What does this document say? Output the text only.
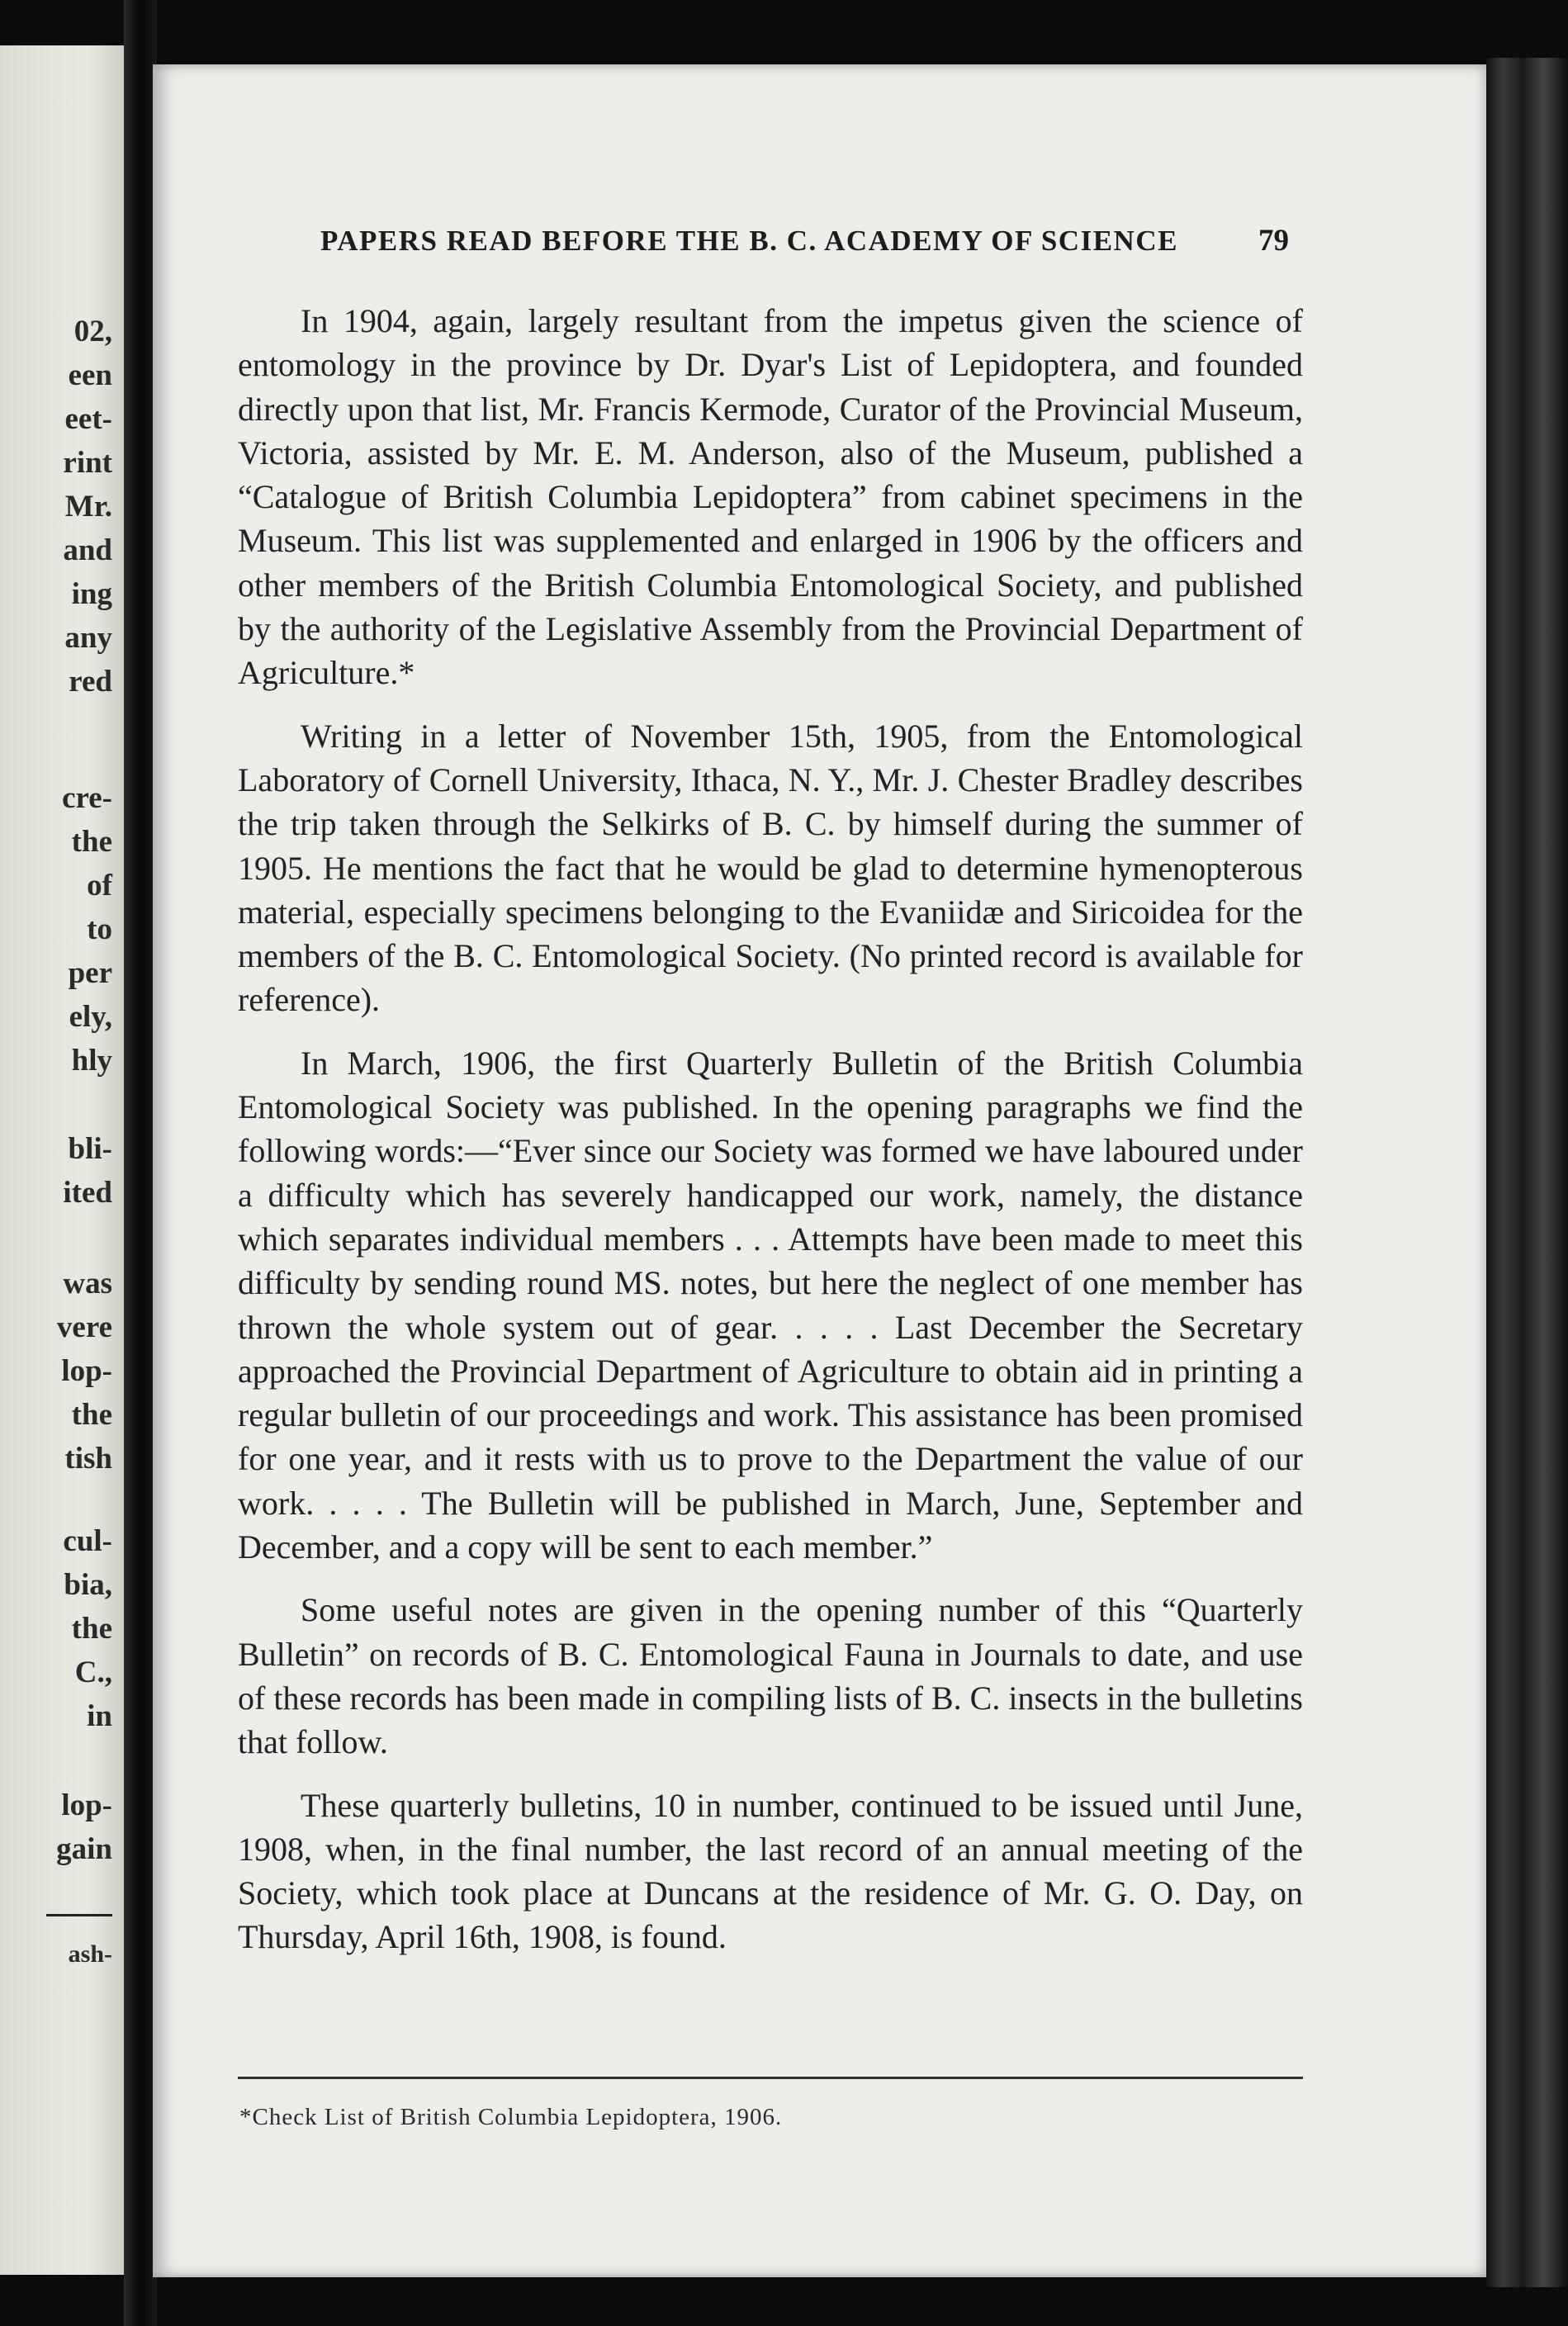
02,
een
eet-
rint
Mr.
and
ing
any
red
cre-
the
of
to
per
ely,
hly
bli-
ited
was
vere
lop-
the
tish
cul-
bia,
the
C.,
in
lop-
gain
ash-
PAPERS READ BEFORE THE B. C. ACADEMY OF SCIENCE	79

In 1904, again, largely resultant from the impetus given the science of entomology in the province by Dr. Dyar's List of Lepidoptera, and founded directly upon that list, Mr. Francis Kermode, Curator of the Provincial Museum, Victoria, assisted by Mr. E. M. Anderson, also of the Museum, published a “Catalogue of British Columbia Lepidoptera” from cabinet specimens in the Museum. This list was supplemented and enlarged in 1906 by the officers and other members of the British Columbia Entomological Society, and published by the authority of the Legislative Assembly from the Provincial Department of Agriculture.*

Writing in a letter of November 15th, 1905, from the Entomological Laboratory of Cornell University, Ithaca, N. Y., Mr. J. Chester Bradley describes the trip taken through the Selkirks of B. C. by himself during the summer of 1905. He mentions the fact that he would be glad to determine hymenopterous material, especially specimens belonging to the Evaniidæ and Siricoidea for the members of the B. C. Entomological Society. (No printed record is available for reference).

In March, 1906, the first Quarterly Bulletin of the British Columbia Entomological Society was published. In the opening paragraphs we find the following words:—“Ever since our Society was formed we have laboured under a difficulty which has severely handicapped our work, namely, the distance which separates individual members . . . Attempts have been made to meet this difficulty by sending round MS. notes, but here the neglect of one member has thrown the whole system out of gear. . . . . Last December the Secretary approached the Provincial Department of Agriculture to obtain aid in printing a regular bulletin of our proceedings and work. This assistance has been promised for one year, and it rests with us to prove to the Department the value of our work. . . . . The Bulletin will be published in March, June, September and December, and a copy will be sent to each member.”

Some useful notes are given in the opening number of this “Quarterly Bulletin” on records of B. C. Entomological Fauna in Journals to date, and use of these records has been made in compiling lists of B. C. insects in the bulletins that follow.

These quarterly bulletins, 10 in number, continued to be issued until June, 1908, when, in the final number, the last record of an annual meeting of the Society, which took place at Duncans at the residence of Mr. G. O. Day, on Thursday, April 16th, 1908, is found.

*Check List of British Columbia Lepidoptera, 1906.
